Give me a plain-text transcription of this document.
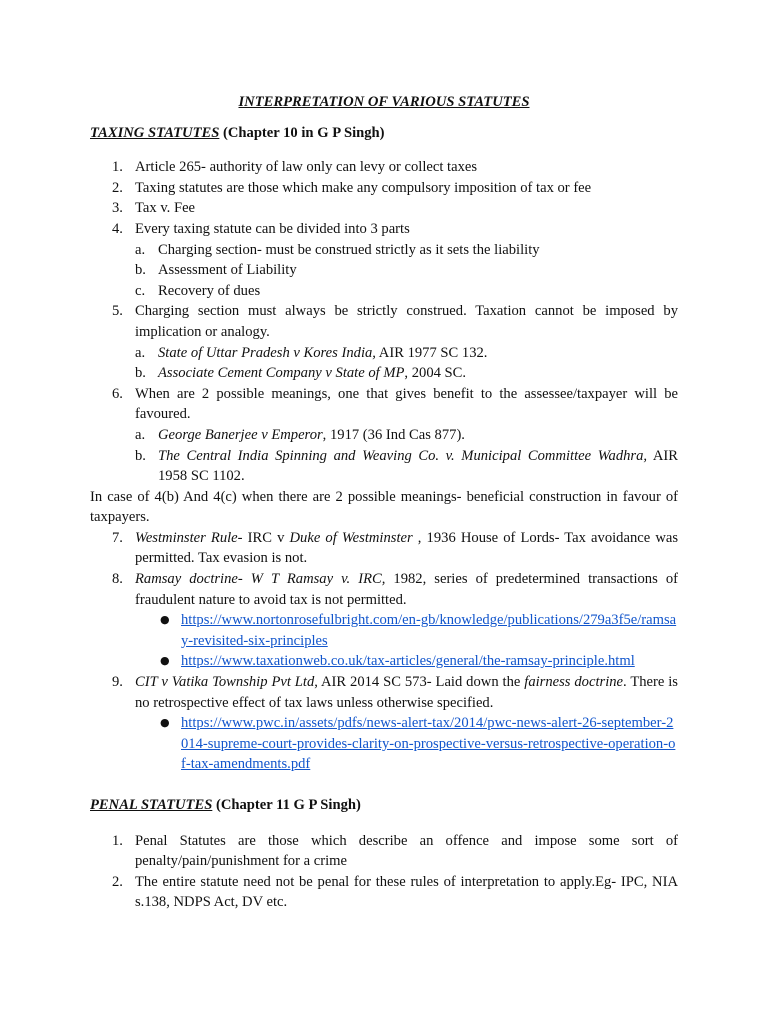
INTERPRETATION OF VARIOUS STATUTES
TAXING STATUTES (Chapter 10 in G P Singh)
1. Article 265- authority of law only can levy or collect taxes
2. Taxing statutes are those which make any compulsory imposition of tax or fee
3. Tax v. Fee
4. Every taxing statute can be divided into 3 parts
a. Charging section- must be construed strictly as it sets the liability
b. Assessment of Liability
c. Recovery of dues
5. Charging section must always be strictly construed. Taxation cannot be imposed by implication or analogy.
a. State of Uttar Pradesh v Kores India, AIR 1977 SC 132.
b. Associate Cement Company v State of MP, 2004 SC.
6. When are 2 possible meanings, one that gives benefit to the assessee/taxpayer will be favoured.
a. George Banerjee v Emperor, 1917 (36 Ind Cas 877).
b. The Central India Spinning and Weaving Co. v. Municipal Committee Wadhra, AIR 1958 SC 1102.
In case of 4(b) And 4(c) when there are 2 possible meanings- beneficial construction in favour of taxpayers.
7. Westminster Rule- IRC v Duke of Westminster , 1936 House of Lords- Tax avoidance was permitted. Tax evasion is not.
8. Ramsay doctrine- W T Ramsay v. IRC, 1982, series of predetermined transactions of fraudulent nature to avoid tax is not permitted.
● https://www.nortonrosefulbright.com/en-gb/knowledge/publications/279a3f5e/ramsay-revisited-six-principles
● https://www.taxationweb.co.uk/tax-articles/general/the-ramsay-principle.html
9. CIT v Vatika Township Pvt Ltd, AIR 2014 SC 573- Laid down the fairness doctrine. There is no retrospective effect of tax laws unless otherwise specified.
● https://www.pwc.in/assets/pdfs/news-alert-tax/2014/pwc-news-alert-26-september-2014-supreme-court-provides-clarity-on-prospective-versus-retrospective-operation-of-tax-amendments.pdf
PENAL STATUTES (Chapter 11 G P Singh)
1. Penal Statutes are those which describe an offence and impose some sort of penalty/pain/punishment for a crime
2. The entire statute need not be penal for these rules of interpretation to apply.Eg- IPC, NIA s.138, NDPS Act, DV etc.
